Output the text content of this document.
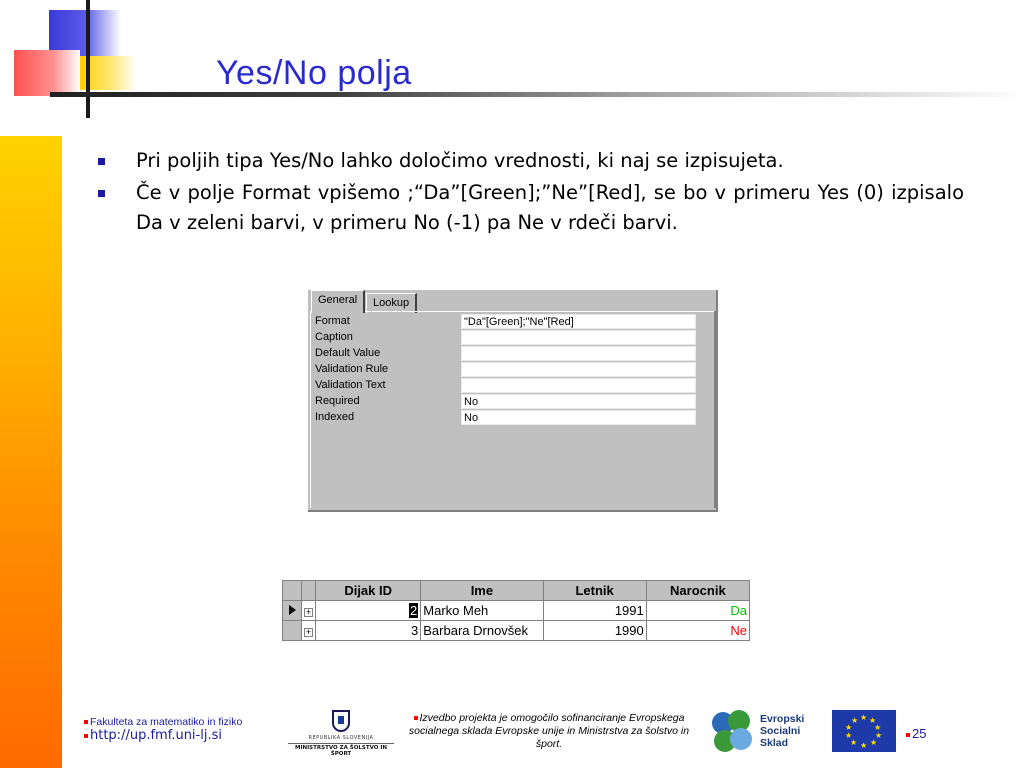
Yes/No polja
Pri poljih tipa Yes/No lahko določimo vrednosti, ki naj se izpisujeta.
Če v polje Format vpišemo ;“Da”[Green];”Ne”[Red], se bo v primeru Yes (0) izpisalo Da v zeleni barvi, v primeru No (-1) pa Ne v rdeči barvi.
General	Lookup
Format	"Da"[Green];"Ne"[Red]
Caption
Default Value
Validation Rule
Validation Text
Required	No
Indexed	No
		Dijak ID	Ime	Letnik	Narocnik
	+	2	Marko Meh	1991	Da
	+	3	Barbara Drnovšek	1990	Ne
Fakulteta za matematiko in fiziko
http://up.fmf.uni-lj.si	REPUBLIKA SLOVENIJA
MINISTRSTVO ZA ŠOLSTVO IN ŠPORT
Izvedbo projekta je omogočilo sofinanciranje Evropskega socialnega sklada Evropske unije in Ministrstva za šolstvo in šport.
Evropski
Socialni
Sklad
★ ★
★
★
★
★
★
★
★
★
25
